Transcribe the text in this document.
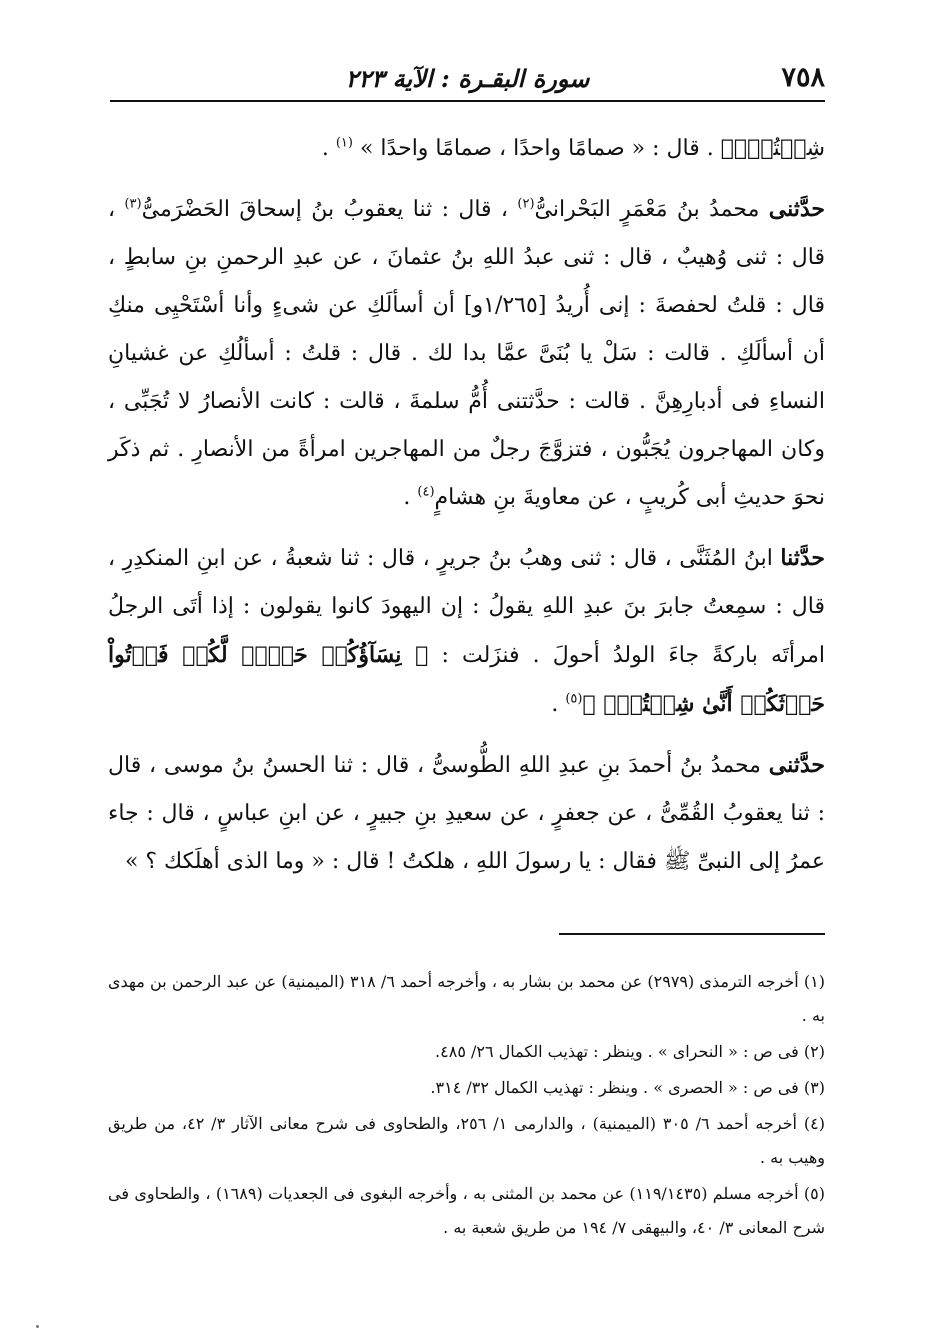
٧٥٨
سورة البقـرة : الآية ٢٢٣

شِئۡتُمۡۖ﴾ . قال : « صمامًا واحدًا ، صمامًا واحدًا » $^{(١)}$ .

حدَّثنى محمدُ بنُ مَعْمَرٍ البَحْرانىُّ$^{(٢)}$ ، قال : ثنا يعقوبُ بنُ إسحاقَ الحَضْرَمىُّ$^{(٣)}$ ، قال : ثنى وُهيبٌ ، قال : ثنى عبدُ اللهِ بنُ عثمانَ ، عن عبدِ الرحمنِ بنِ سابطٍ ، قال : قلتُ لحفصةَ : إنى أُريدُ [١/٢٦٥و] أن أسألَكِ عن شىءٍ وأنا أسْتَحْيِى منكِ أن أسألَكِ . قالت : سَلْ يا بُنَىَّ عمَّا بدا لك . قال : قلتُ : أسألُكِ عن غشيانِ النساءِ فى أدبارِهِنَّ . قالت : حدَّثتنى أُمُّ سلمةَ ، قالت : كانت الأنصارُ لا تُجَبِّى ، وكان المهاجرون يُجَبُّون ، فتزوَّجَ رجلٌ من المهاجرين امرأةً من الأنصارِ . ثم ذكَر نحوَ حديثِ أبى كُريبٍ ، عن معاويةَ بنِ هشامٍ$^{(٤)}$ .

حدَّثنا ابنُ المُثَنَّى ، قال : ثنى وهبُ بنُ جريرٍ ، قال : ثنا شعبةُ ، عن ابنِ المنكدِرِ ، قال : سمِعتُ جابرَ بنَ عبدِ اللهِ يقولُ : إن اليهودَ كانوا يقولون : إذا أتَى الرجلُ امرأتَه باركةً جاءَ الولدُ أحولَ . فنزَلت : ﴿ نِسَآؤُكُمۡ حَرۡثٞ لَّكُمۡ فَأۡتُواْ حَرۡثَكُمۡ أَنَّىٰ شِئۡتُمۡۖ ﴾$^{(٥)}$ .

حدَّثنى محمدُ بنُ أحمدَ بنِ عبدِ اللهِ الطُّوسىُّ ، قال : ثنا الحسنُ بنُ موسى ، قال : ثنا يعقوبُ القُمِّىُّ ، عن جعفرٍ ، عن سعيدِ بنِ جبيرٍ ، عن ابنِ عباسٍ ، قال : جاء عمرُ إلى النبىِّ ﷺ فقال : يا رسولَ اللهِ ، هلكتُ ! قال : « وما الذى أهلَكك ؟ »

(١) أخرجه الترمذى (٢٩٧٩) عن محمد بن بشار به ، وأخرجه أحمد ٦/ ٣١٨ (الميمنية) عن عبد الرحمن بن مهدى به .

(٢) فى ص : « النحراى » . وينظر : تهذيب الكمال ٢٦/ ٤٨٥.

(٣) فى ص : « الحصرى » . وينظر : تهذيب الكمال ٣٢/ ٣١٤.

(٤) أخرجه أحمد ٦/ ٣٠٥ (الميمنية) ، والدارمى ١/ ٢٥٦، والطحاوى فى شرح معانى الآثار ٣/ ٤٢، من طريق وهيب به .

(٥) أخرجه مسلم (١١٩/١٤٣٥) عن محمد بن المثنى به ، وأخرجه البغوى فى الجعديات (١٦٨٩) ، والطحاوى فى شرح المعانى ٣/ ٤٠، والبيهقى ٧/ ١٩٤ من طريق شعبة به .
